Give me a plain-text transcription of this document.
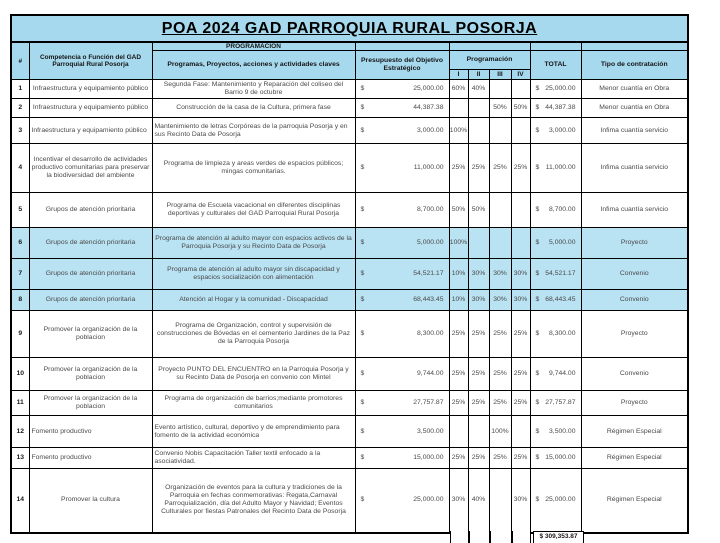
POA 2024 GAD PARROQUIA RURAL POSORJA									
#	Competencia o Función del GAD Parroquial Rural Posorja	PROGRAMACIÓN							
		Programas, Proyectos, acciones y actividades claves	Presupuesto del Objetivo Estratégico	Programación				TOTAL	Tipo de contratación
				I	II	III	IV		
1	Infraestructura y equipamiento público	Segunda Fase: Mantenimiento y Reparación del coliseo del Barrio 9 de octubre	$ 25,000.00	60%	40%			$ 25,000.00	Menor cuantía en Obra
2	Infraestructura y equipamiento público	Construcción de la casa de la Cultura, primera fase	$ 44,387.38			50%	50%	$ 44,387.38	Menor cuantía en Obra
3	Infraestructura y equipamiento público	Mantenimiento de letras Corpóreas de la parroquia Posorja y en sus Recinto Data de Posorja	$ 3,000.00	100%				$ 3,000.00	Infima cuantía servicio
4	Incentivar el desarrollo de actividades productivo comunitarias para preservar la biodiversidad del ambiente	Programa de limpieza y areas verdes de espacios públicos; mingas comunitarias.	$ 11,000.00	25%	25%	25%	25%	$ 11,000.00	Infima cuantía servicio
5	Grupos de atención prioritaria	Programa de Escuela vacacional en diferentes disciplinas deportivas y culturales del GAD Parroquial Rural Posorja	$ 8,700.00	50%	50%			$ 8,700.00	Infima cuantía servicio
6	Grupos de atención prioritaria	Programa de atención al adulto mayor con espacios activos de la Parroquia Posorja y su Recinto Data de Posorja	$ 5,000.00	100%				$ 5,000.00	Proyecto
7	Grupos de atención prioritaria	Programa de atención al adulto mayor sin discapacidad y espacios socialización con alimentación	$ 54,521.17	10%	30%	30%	30%	$ 54,521.17	Convenio
8	Grupos de atención prioritaria	Atención al Hogar y la comunidad - Discapacidad	$ 68,443.45	10%	30%	30%	30%	$ 68,443.45	Convenio
9	Promover la organización de la poblacion	Programa de Organización, control y supervisión de construcciones de Bóvedas en el cementerio Jardines de la Paz de la Parroquia Posorja	$ 8,300.00	25%	25%	25%	25%	$ 8,300.00	Proyecto
10	Promover la organización de la poblacion	Proyecto PUNTO DEL ENCUENTRO en la Parroquia Posorja y su Recinto Data de Posorja en convenio con Mintel	$ 9,744.00	25%	25%	25%	25%	$ 9,744.00	Convenio
11	Promover la organización de la poblacion	Programa de organización de barrios;mediante promotores comunitarios	$ 27,757.87	25%	25%	25%	25%	$ 27,757.87	Proyecto
12	Fomento productivo	Evento artístico, cultural, deportivo y de emprendimiento para fomento de la actividad económica	$ 3,500.00			100%		$ 3,500.00	Régimen Especial
13	Fomento productivo	Convenio Nobis Capacitación Taller textil enfocado a la asociatividad.	$ 15,000.00	25%	25%	25%	25%	$ 15,000.00	Régimen Especial
14	Promover la cultura	Organización de eventos para la cultura y tradiciones de la Parroquia en fechas conmemorativas: Regata,Carnaval Parroquialización, día del Adulto Mayor y Navidad; Eventos Culturales por fiestas Patronales del Recinto Data de Posorja	$ 25,000.00	30%	40%		30%	$ 25,000.00	Régimen Especial
$ 309,353.87
